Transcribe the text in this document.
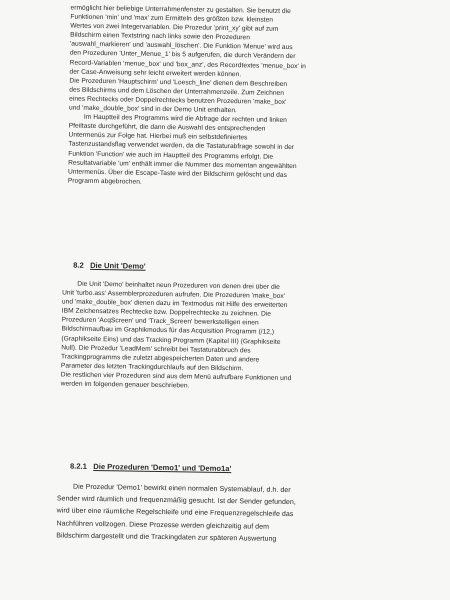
ermöglicht hier beliebige Unterrahmenfenster zu gestalten. Sie benutzt die
Funktionen 'min' und 'max' zum Ermitteln des größten bzw. kleinsten
Wertes von zwei Integervariablen. Die Prozedur 'print_xy' gibt auf zum
Bildschirm einen Textstring nach links sowie den Prozeduren
'auswahl_markieren' und 'auswahl_löschen'. Die Funktion 'Menue' wird aus
den Prozeduren 'Unter_Menue_1' bis 5 aufgerufen, die durch Verändern der
Record-Variablen 'menue_box' und 'box_anz', des Recordtextes 'menue_box' in
der Case-Anweisung sehr leicht erweitert werden können.
Die Prozeduren 'Hauptschirm' und 'Loesch_line' dienen dem Beschreiben
des Bildschirms und dem Löschen der Unterrahmenzeile. Zum Zeichnen
eines Rechtecks oder Doppelrechtecks benutzen Prozeduren 'make_box'
und 'make_double_box' sind in der Demo Unit enthalten.
Im Hauptteil des Programms wird die Abfrage der rechten und linken
Pfeiltaste durchgeführt, die dann die Auswahl des entsprechenden
Untermenüs zur Folge hat. Hierbei muß ein selbstdefiniertes
Tastenzustandsflag verwendet werden, da die Tastaturabfrage sowohl in der
Funktion 'Function' wie auch im Hauptteil des Programms erfolgt. Die
Resultatvariable 'um' enthält immer die Nummer des momentan angewählten
Untermenüs. Über die Escape-Taste wird der Bildschirm gelöscht und das
Programm abgebrochen.

8.2 Die Unit 'Demo'

Die Unit 'Demo' beinhaltet neun Prozeduren von denen drei über die
Unit 'turbo.ass' Assemblerprozeduren aufrufen. Die Prozeduren 'make_box'
und 'make_double_box' dienen dazu im Textmodus mit Hilfe des erweiterten
IBM Zeichensatzes Rechtecke bzw. Doppelrechtecke zu zeichnen. Die
Prozeduren 'AcqScreen' und 'Track_Screen' bewerkstelligen einen
Bildschirmaufbau im Graphikmodus für das Acquisition Programm (/12,)
(Graphikseite Eins) und das Tracking Programm (Kapitel III) (Graphikseite
Null). Die Prozedur 'LeadMem' schreibt bei Tastaturabbruch des
Trackingprogramms die zuletzt abgespeicherten Daten und andere
Parameter des letzten Trackingdurchlaufs auf den Bildschirm.
Die restlichen vier Prozeduren sind aus dem Menü aufrufbare Funktionen und
werden im folgenden genauer beschrieben.

8.2.1 Die Prozeduren 'Demo1' und 'Demo1a'

Die Prozedur 'Demo1' bewirkt einen normalen Systemablauf, d.h. der
Sender wird räumlich und frequenzmäßig gesucht. Ist der Sender gefunden,
wird über eine räumliche Regelschleife und eine Frequenzregelschleife das
Nachführen vollzogen. Diese Prozesse werden gleichzeitig auf dem
Bildschirm dargestellt und die Trackingdaten zur späteren Auswertung
